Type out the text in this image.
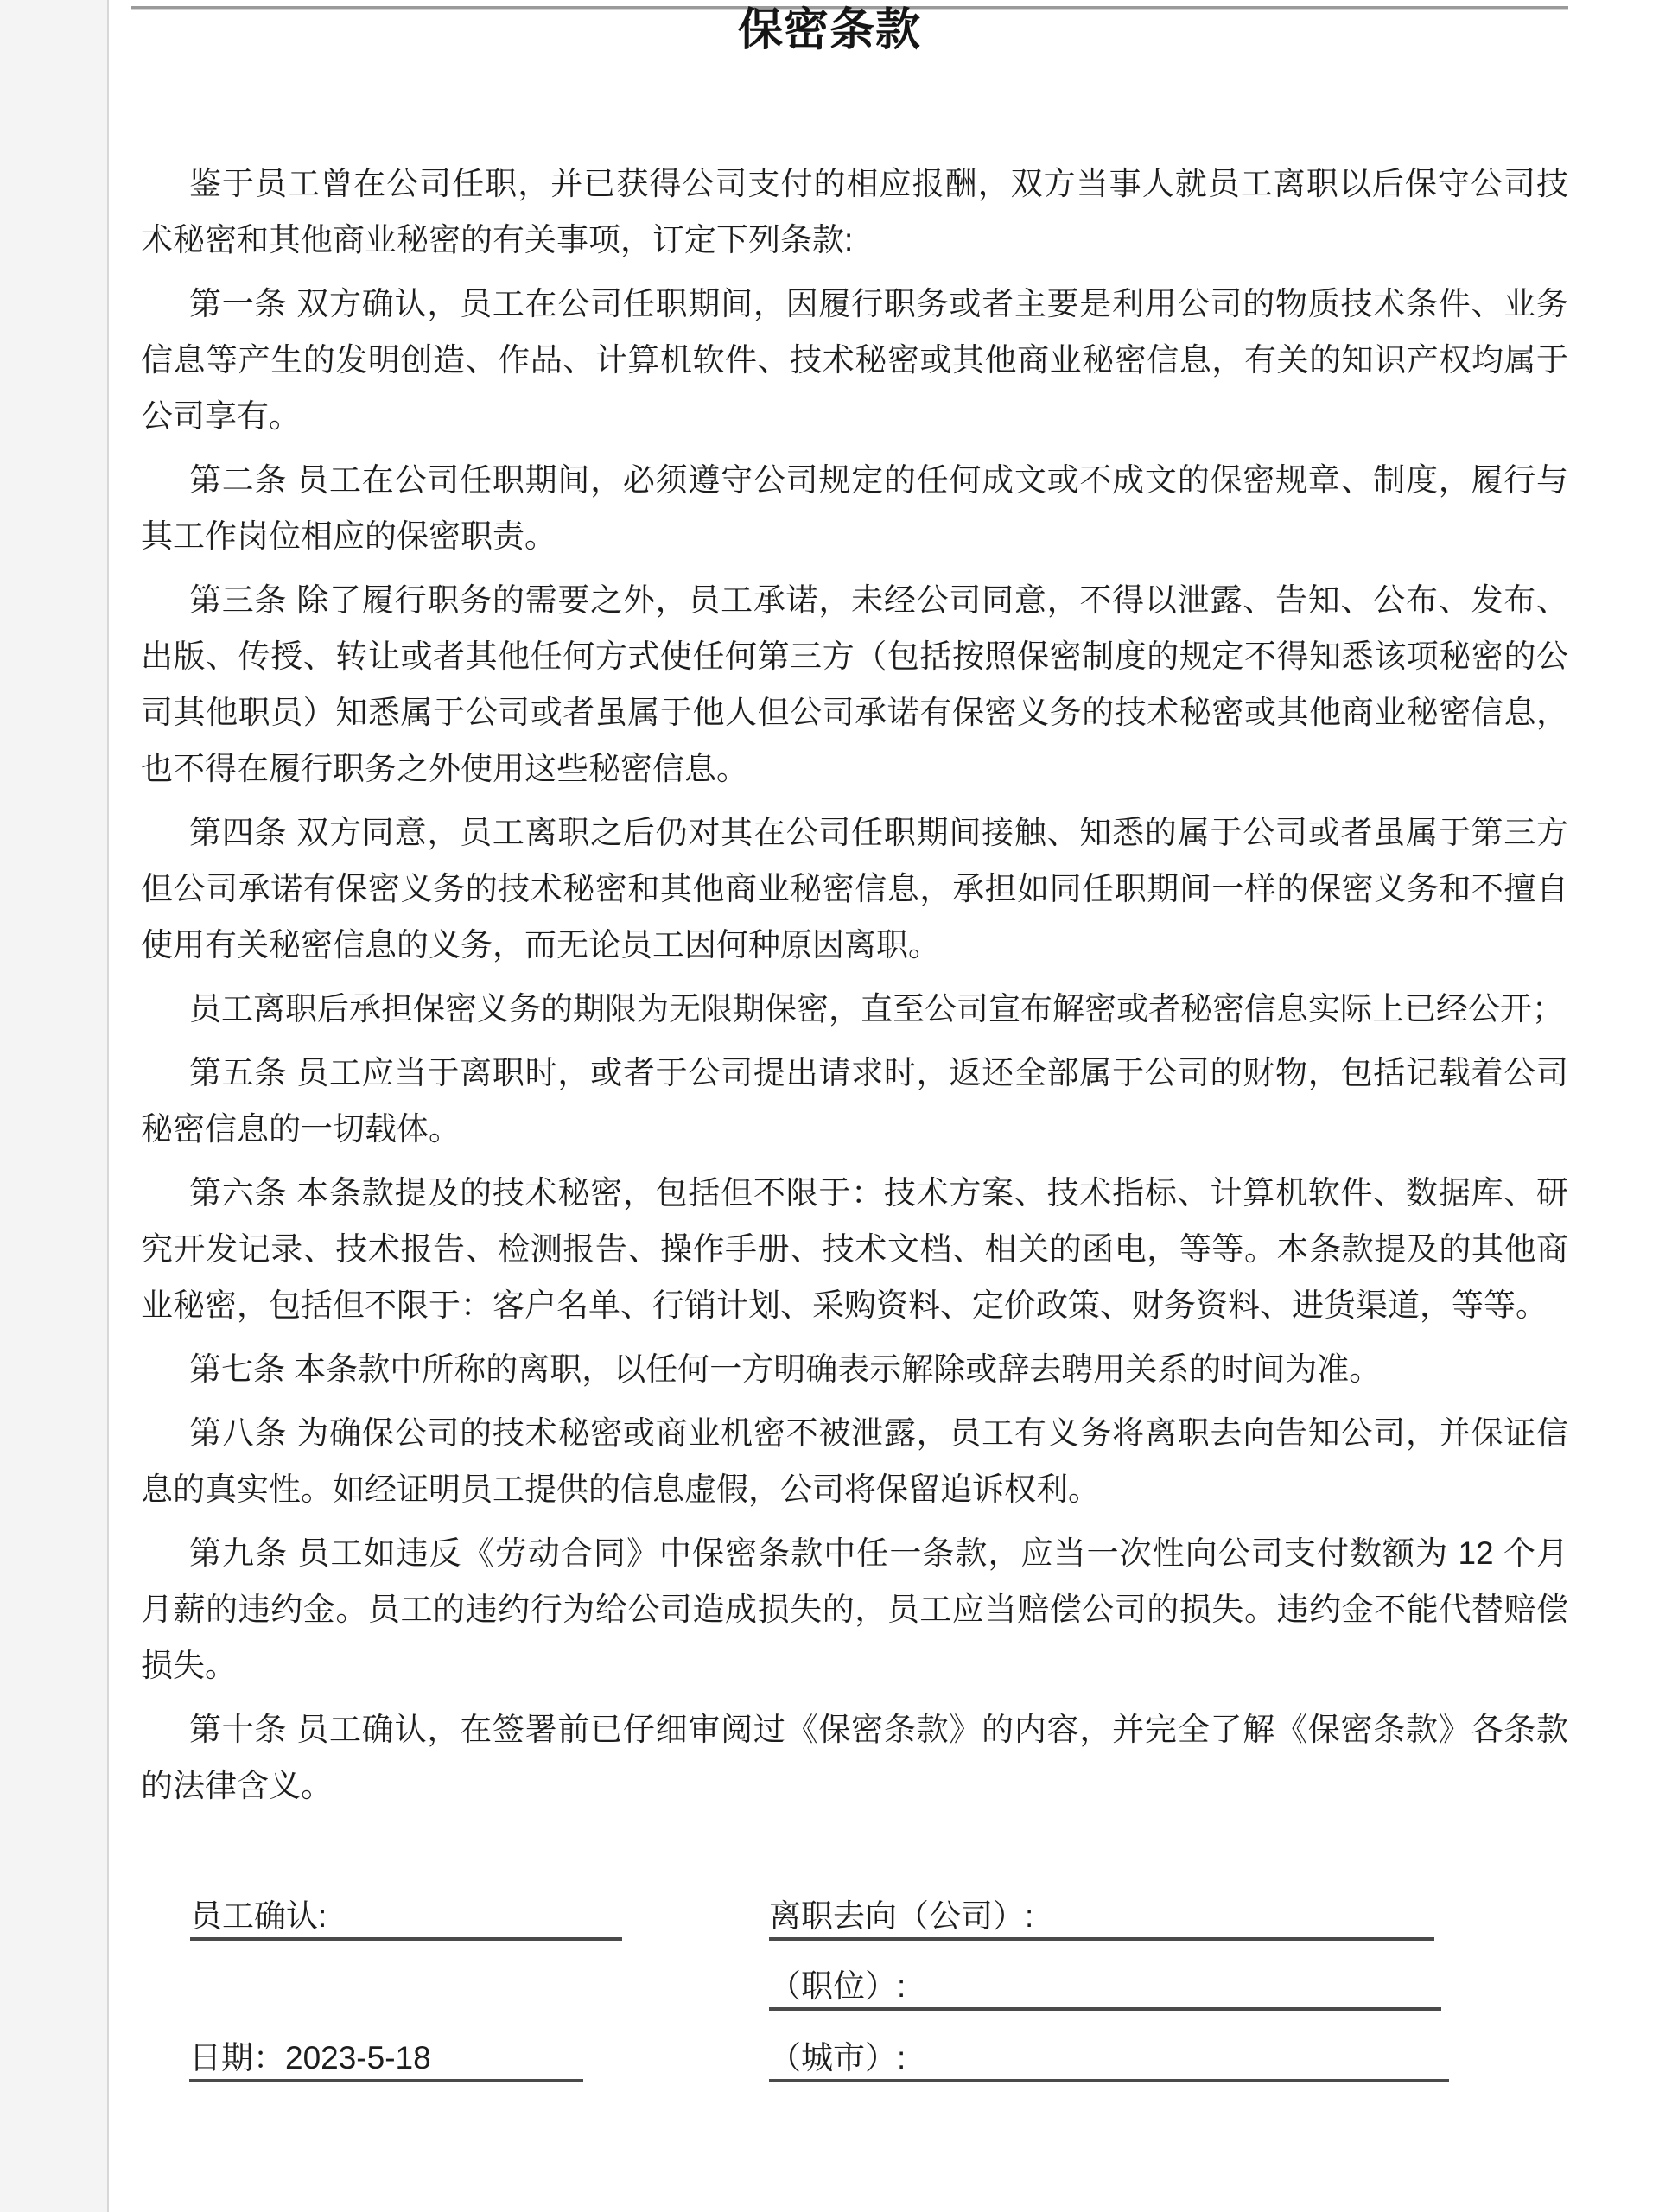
保密条款
鉴于员工曾在公司任职，并已获得公司支付的相应报酬，双方当事人就员工离职以后保守公司技
术秘密和其他商业秘密的有关事项，订定下列条款:
第一条 双方确认，员工在公司任职期间，因履行职务或者主要是利用公司的物质技术条件、业务
信息等产生的发明创造、作品、计算机软件、技术秘密或其他商业秘密信息，有关的知识产权均属于
公司享有。
第二条 员工在公司任职期间，必须遵守公司规定的任何成文或不成文的保密规章、制度，履行与
其工作岗位相应的保密职责。
第三条 除了履行职务的需要之外，员工承诺，未经公司同意，不得以泄露、告知、公布、发布、
出版、传授、转让或者其他任何方式使任何第三方（包括按照保密制度的规定不得知悉该项秘密的公
司其他职员）知悉属于公司或者虽属于他人但公司承诺有保密义务的技术秘密或其他商业秘密信息，
也不得在履行职务之外使用这些秘密信息。
第四条 双方同意，员工离职之后仍对其在公司任职期间接触、知悉的属于公司或者虽属于第三方
但公司承诺有保密义务的技术秘密和其他商业秘密信息，承担如同任职期间一样的保密义务和不擅自
使用有关秘密信息的义务，而无论员工因何种原因离职。
员工离职后承担保密义务的期限为无限期保密，直至公司宣布解密或者秘密信息实际上已经公开；
第五条 员工应当于离职时，或者于公司提出请求时，返还全部属于公司的财物，包括记载着公司
秘密信息的一切载体。
第六条 本条款提及的技术秘密，包括但不限于：技术方案、技术指标、计算机软件、数据库、研
究开发记录、技术报告、检测报告、操作手册、技术文档、相关的函电，等等。本条款提及的其他商
业秘密，包括但不限于：客户名单、行销计划、采购资料、定价政策、财务资料、进货渠道，等等。
第七条 本条款中所称的离职，以任何一方明确表示解除或辞去聘用关系的时间为准。
第八条 为确保公司的技术秘密或商业机密不被泄露，员工有义务将离职去向告知公司，并保证信
息的真实性。如经证明员工提供的信息虚假，公司将保留追诉权利。
第九条 员工如违反《劳动合同》中保密条款中任一条款，应当一次性向公司支付数额为 12 个月
月薪的违约金。员工的违约行为给公司造成损失的，员工应当赔偿公司的损失。违约金不能代替赔偿
损失。
第十条 员工确认，在签署前已仔细审阅过《保密条款》的内容，并完全了解《保密条款》各条款
的法律含义。
员工确认:	离职去向（公司）:
（职位）:
日期：2023-5-18	（城市）:
